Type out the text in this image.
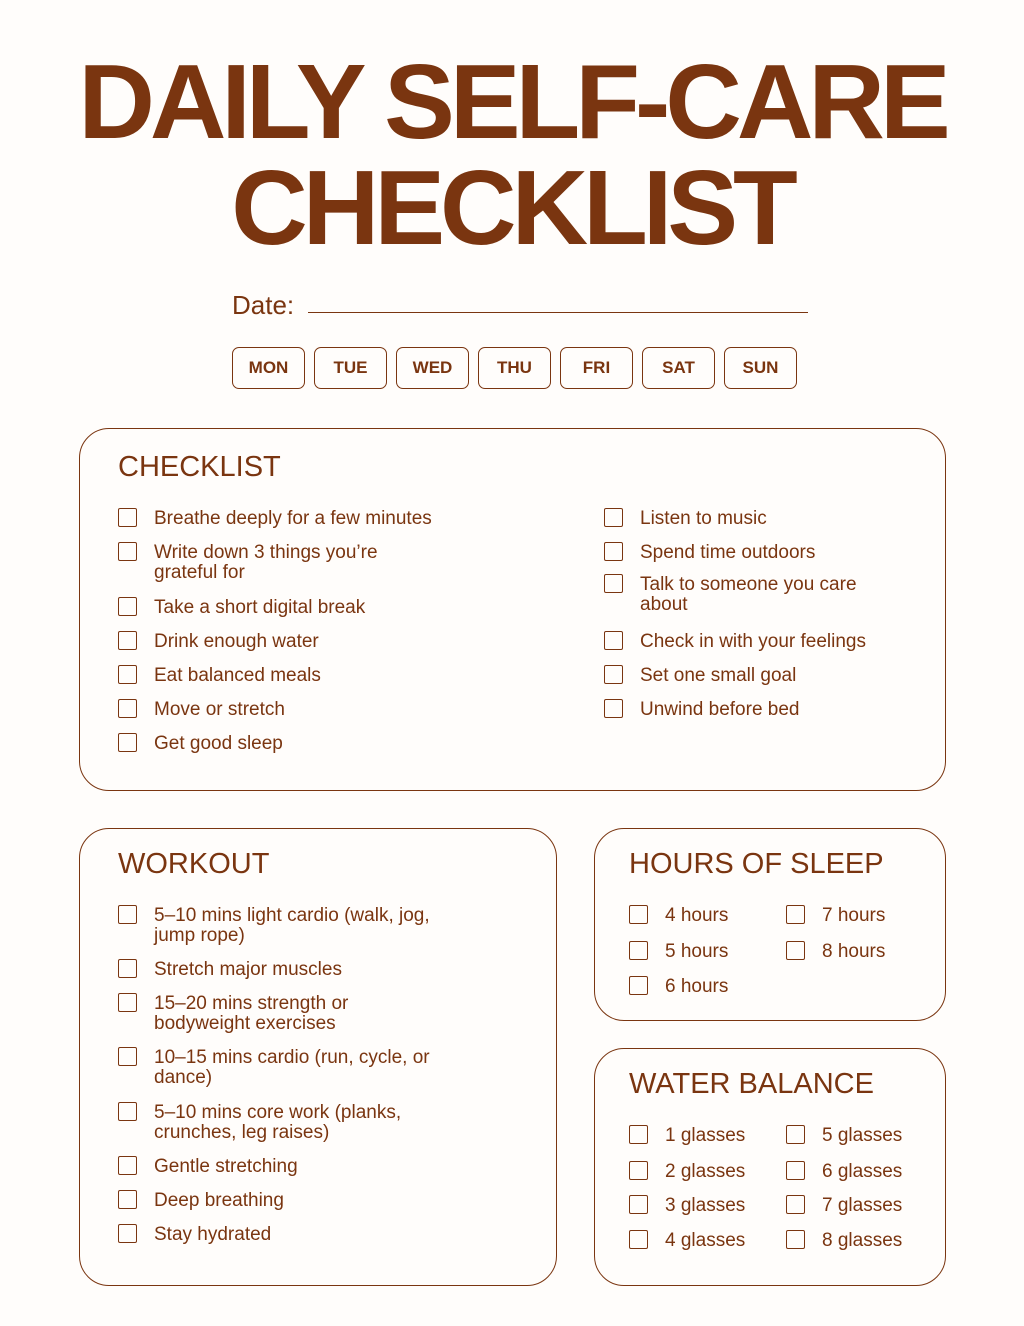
DAILY SELF-CARE
CHECKLIST
Date:
MON	TUE	WED	THU	FRI	SAT	SUN
CHECKLIST
Breathe deeply for a few minutes
Write down 3 things you’re grateful for
Take a short digital break
Drink enough water
Eat balanced meals
Move or stretch
Get good sleep
Listen to music
Spend time outdoors
Talk to someone you care about
Check in with your feelings
Set one small goal
Unwind before bed
WORKOUT
5–10 mins light cardio (walk, jog, jump rope)
Stretch major muscles
15–20 mins strength or bodyweight exercises
10–15 mins cardio (run, cycle, or dance)
5–10 mins core work (planks, crunches, leg raises)
Gentle stretching
Deep breathing
Stay hydrated
HOURS OF SLEEP
4 hours
5 hours
6 hours
7 hours
8 hours
WATER BALANCE
1 glasses
2 glasses
3 glasses
4 glasses
5 glasses
6 glasses
7 glasses
8 glasses
